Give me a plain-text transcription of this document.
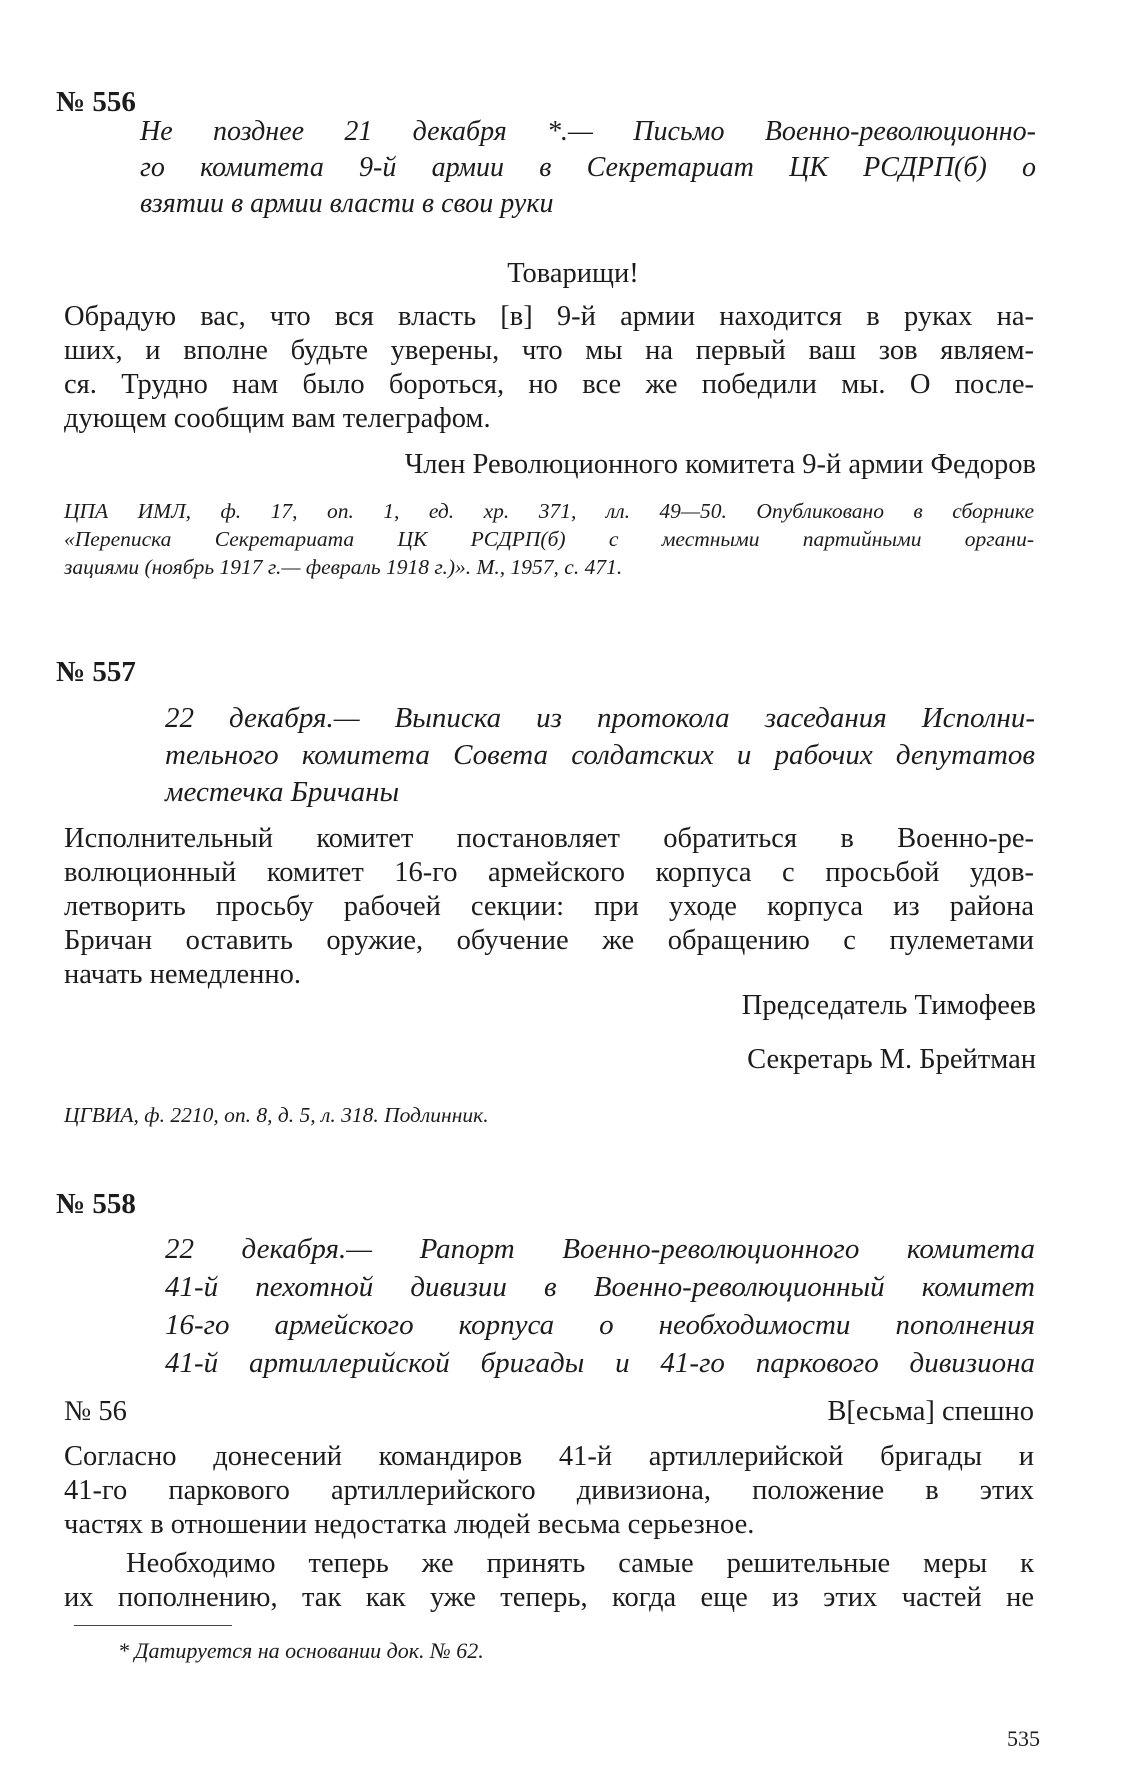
№ 556
Не позднее 21 декабря *.— Письмо Военно-революционно-
го комитета 9-й армии в Секретариат ЦК РСДРП(б) о
взятии в армии власти в свои руки
Товарищи!
Обрадую вас, что вся власть [в] 9-й армии находится в руках на-
ших, и вполне будьте уверены, что мы на первый ваш зов являем-
ся. Трудно нам было бороться, но все же победили мы. О после-
дующем сообщим вам телеграфом.
Член Революционного комитета 9-й армии Федоров
ЦПА ИМЛ, ф. 17, оп. 1, ед. хр. 371, лл. 49—50. Опубликовано в сборнике
«Переписка Секретариата ЦК РСДРП(б) с местными партийными органи-
зациями (ноябрь 1917 г.— февраль 1918 г.)». М., 1957, с. 471.
№ 557
22 декабря.— Выписка из протокола заседания Исполни-
тельного комитета Совета солдатских и рабочих депутатов
местечка Бричаны
Исполнительный комитет постановляет обратиться в Военно-ре-
волюционный комитет 16-го армейского корпуса с просьбой удов-
летворить просьбу рабочей секции: при уходе корпуса из района
Бричан оставить оружие, обучение же обращению с пулеметами
начать немедленно.
Председатель Тимофеев
Секретарь М. Брейтман
ЦГВИА, ф. 2210, оп. 8, д. 5, л. 318. Подлинник.
№ 558
22 декабря.— Рапорт Военно-революционного комитета
41-й пехотной дивизии в Военно-революционный комитет
16-го армейского корпуса о необходимости пополнения
41-й артиллерийской бригады и 41-го паркового дивизиона
№ 56	В[есьма] спешно
Согласно донесений командиров 41-й артиллерийской бригады и
41-го паркового артиллерийского дивизиона, положение в этих
частях в отношении недостатка людей весьма серьезное.
Необходимо теперь же принять самые решительные меры к
их пополнению, так как уже теперь, когда еще из этих частей не
* Датируется на основании док. № 62.
535
